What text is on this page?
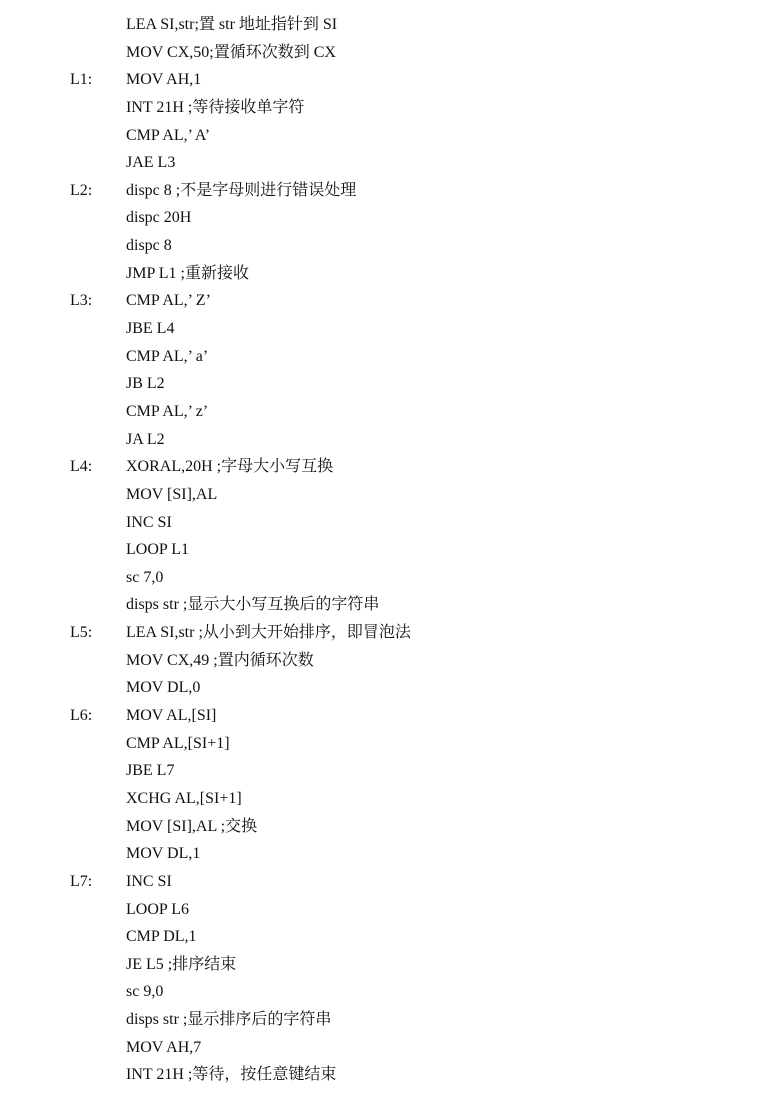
LEA SI,str;置 str 地址指针到 SI
MOV CX,50;置循环次数到 CX
L1: MOV AH,1
INT 21H ;等待接收单字符
CMP AL,’ A’
JAE L3
L2: dispc 8 ;不是字母则进行错误处理
dispc 20H
dispc 8
JMP L1 ;重新接收
L3: CMP AL,’ Z’
JBE L4
CMP AL,’ a’
JB L2
CMP AL,’ z’
JA L2
L4: XORAL,20H ;字母大小写互换
MOV [SI],AL
INC SI
LOOP L1
sc 7,0
disps str ;显示大小写互换后的字符串
L5: LEA SI,str ;从小到大开始排序，即冒泡法
MOV CX,49 ;置内循环次数
MOV DL,0
L6: MOV AL,[SI]
CMP AL,[SI+1]
JBE L7
XCHG AL,[SI+1]
MOV [SI],AL ;交换
MOV DL,1
L7: INC SI
LOOP L6
CMP DL,1
JE L5 ;排序结束
sc 9,0
disps str ;显示排序后的字符串
MOV AH,7
INT 21H ;等待，按任意键结束
